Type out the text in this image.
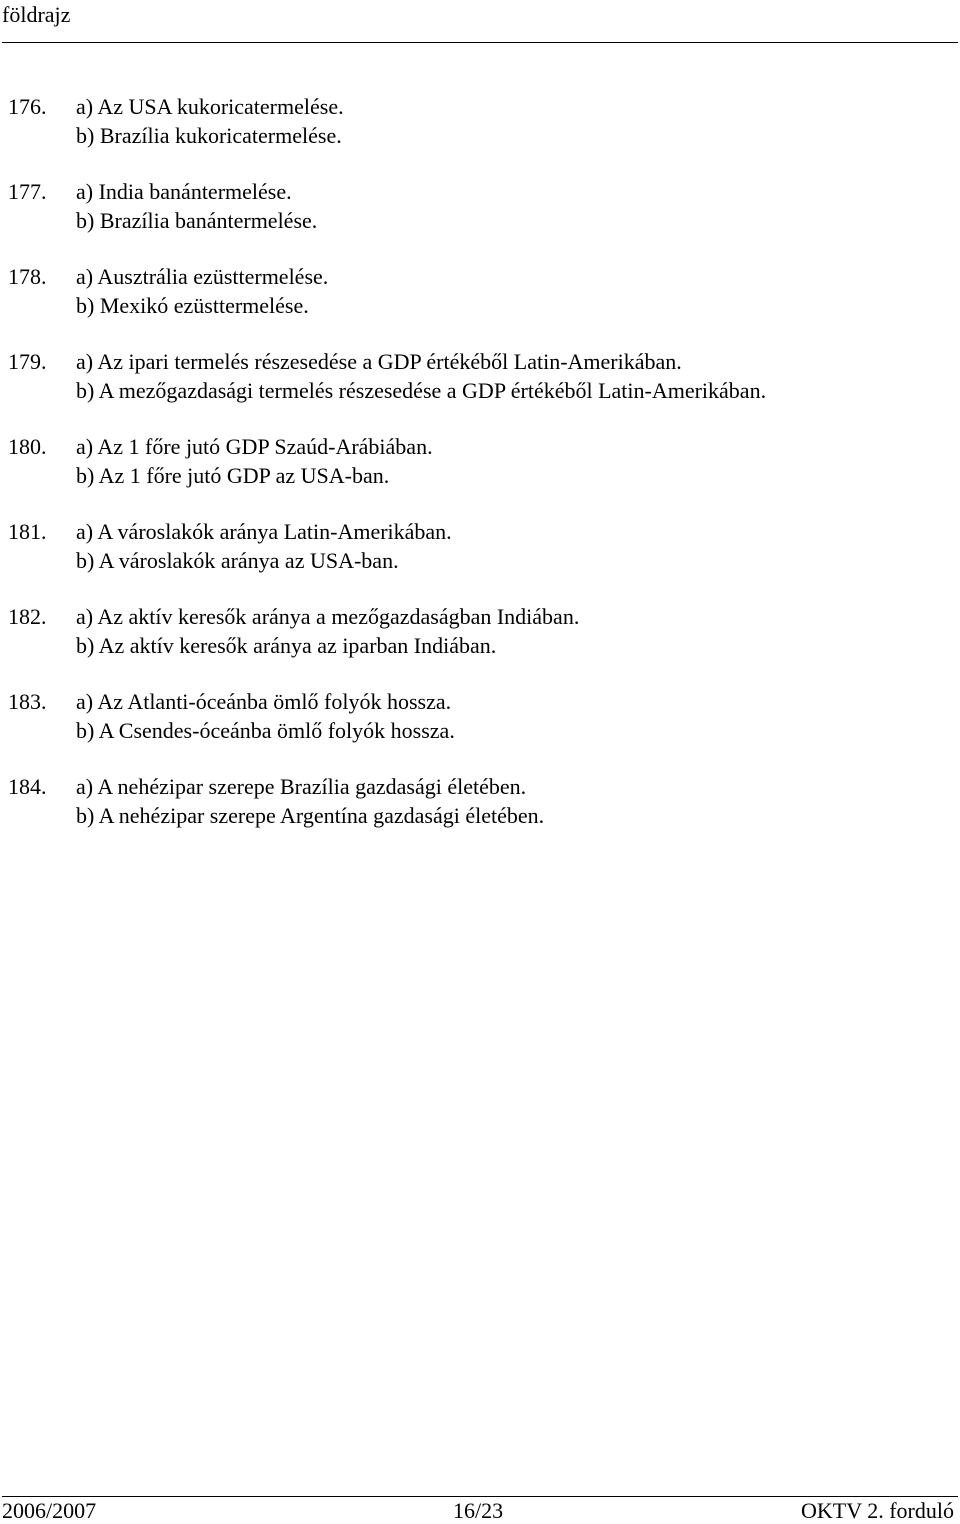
földrajz
176. a) Az USA kukoricatermelése.
b) Brazília kukoricatermelése.
177. a) India banántermelése.
b) Brazília banántermelése.
178. a) Ausztrália ezüsttermelése.
b) Mexikó ezüsttermelése.
179. a) Az ipari termelés részesedése a GDP értékéből Latin-Amerikában.
b) A mezőgazdasági termelés részesedése a GDP értékéből Latin-Amerikában.
180. a) Az 1 főre jutó GDP Szaúd-Arábiában.
b) Az 1 főre jutó GDP az USA-ban.
181. a) A városlakók aránya Latin-Amerikában.
b) A városlakók aránya az USA-ban.
182. a) Az aktív keresők aránya a mezőgazdaságban Indiában.
b) Az aktív keresők aránya az iparban Indiában.
183. a) Az Atlanti-óceánba ömlő folyók hossza.
b) A Csendes-óceánba ömlő folyók hossza.
184. a) A nehézipar szerepe Brazília gazdasági életében.
b) A nehézipar szerepe Argentína gazdasági életében.
2006/2007	16/23	OKTV 2. forduló
